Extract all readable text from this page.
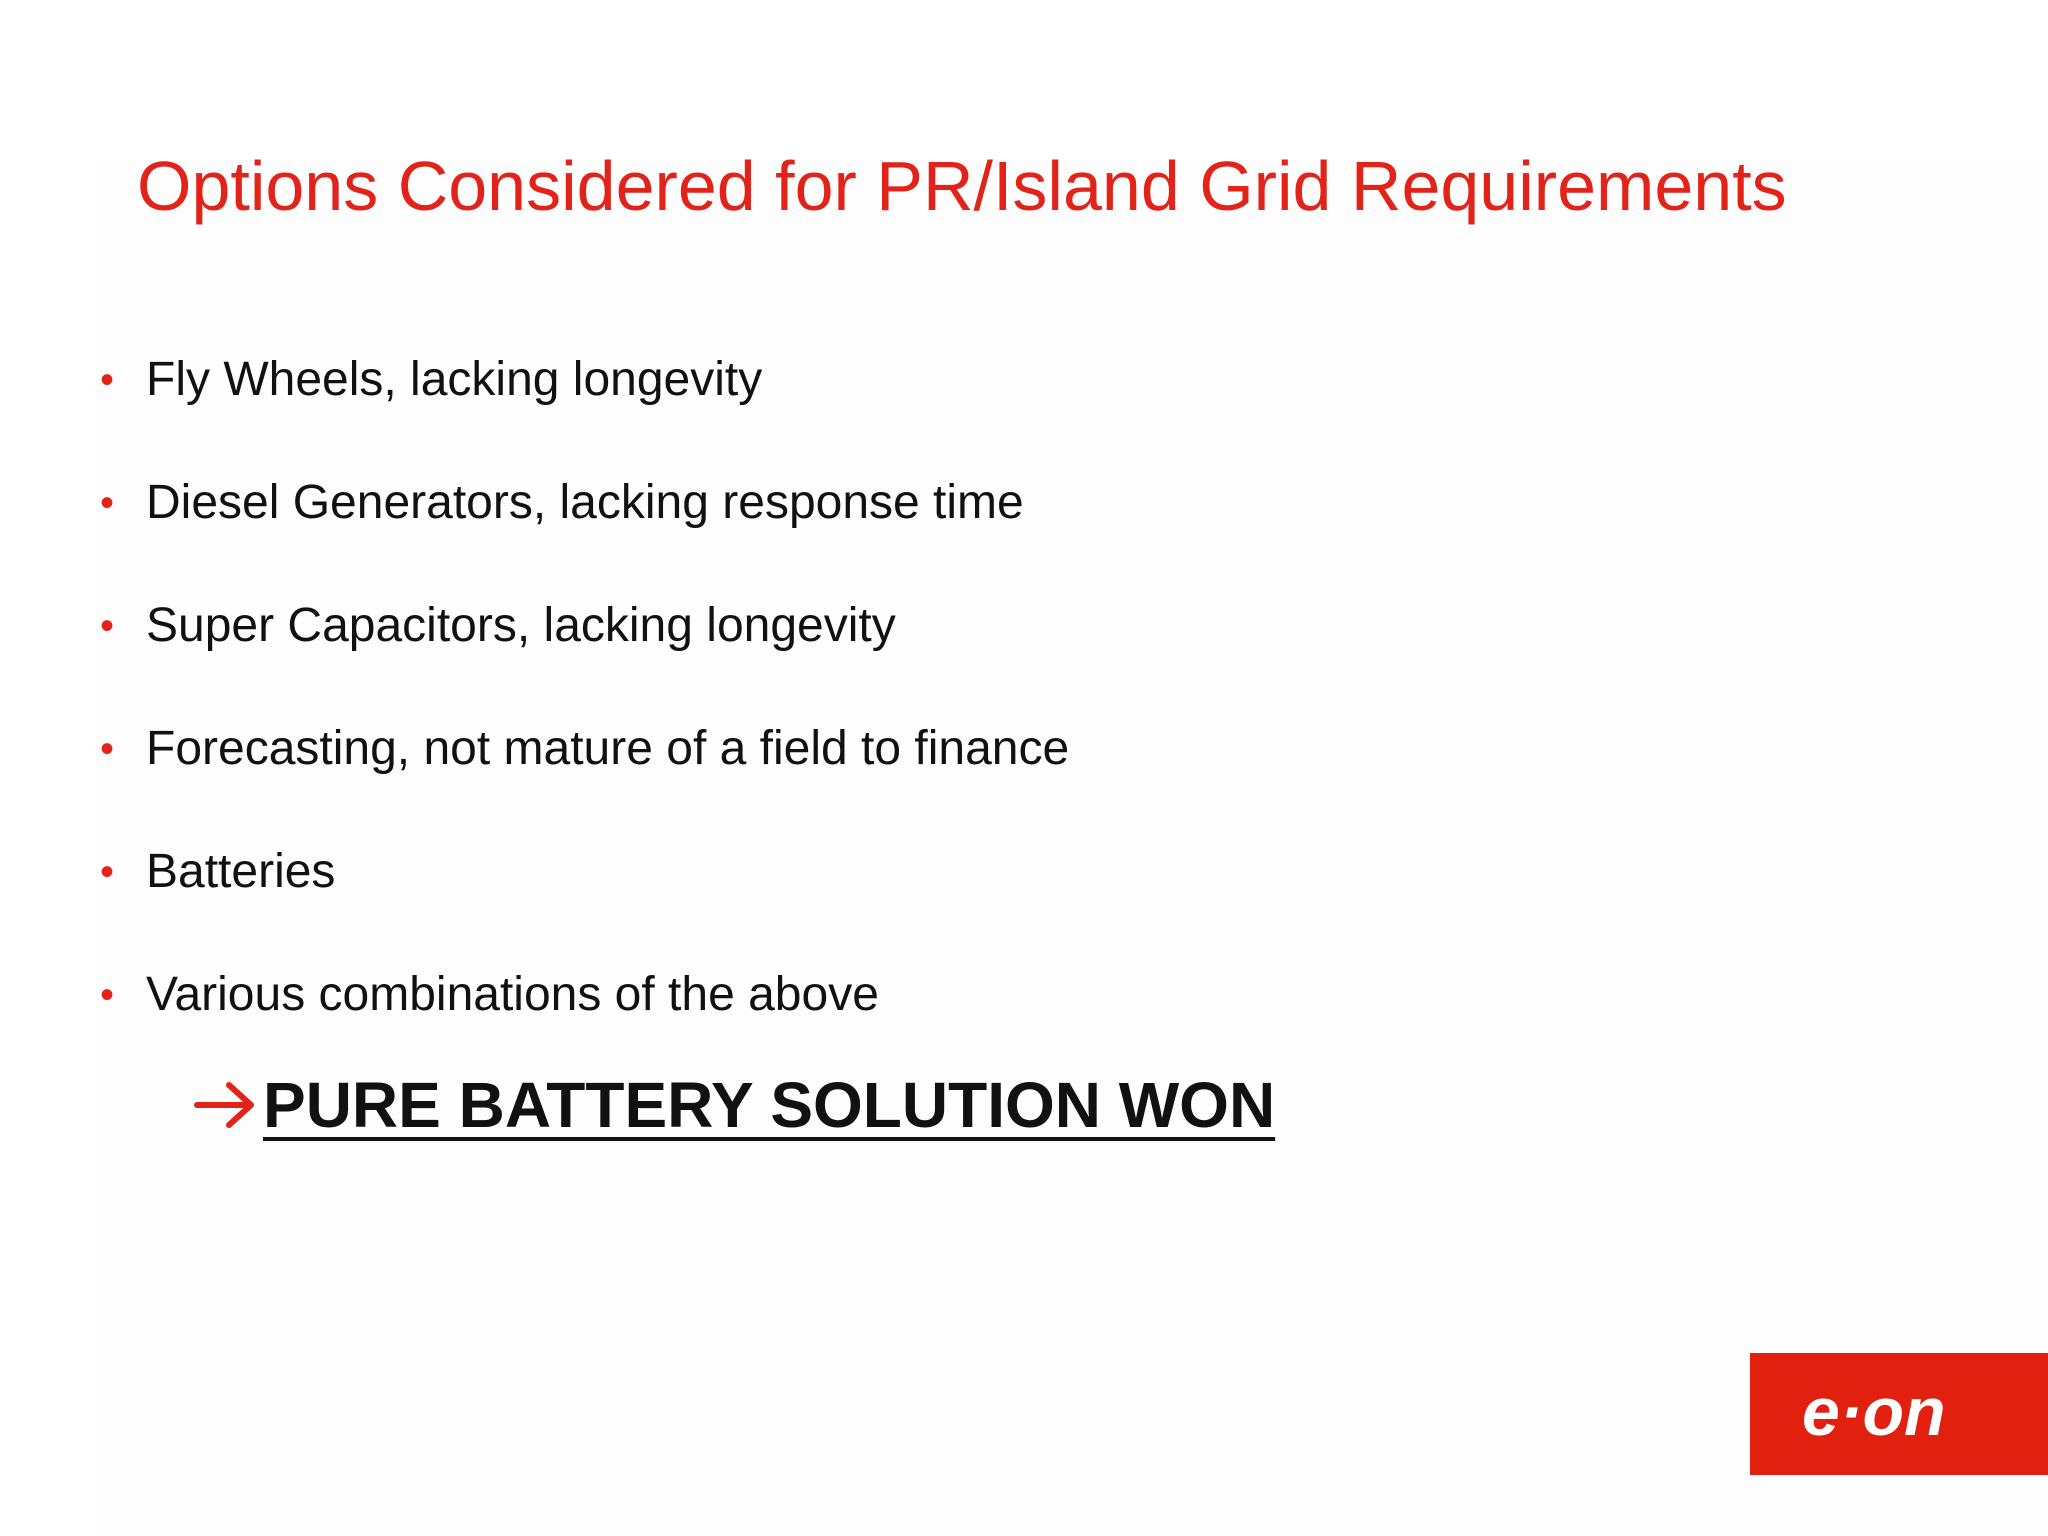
Options Considered for PR/Island Grid Requirements
• Fly Wheels, lacking longevity
• Diesel Generators, lacking response time
• Super Capacitors, lacking longevity
• Forecasting, not mature of a field to finance
• Batteries
• Various combinations of the above
PURE BATTERY SOLUTION WON
e·on
